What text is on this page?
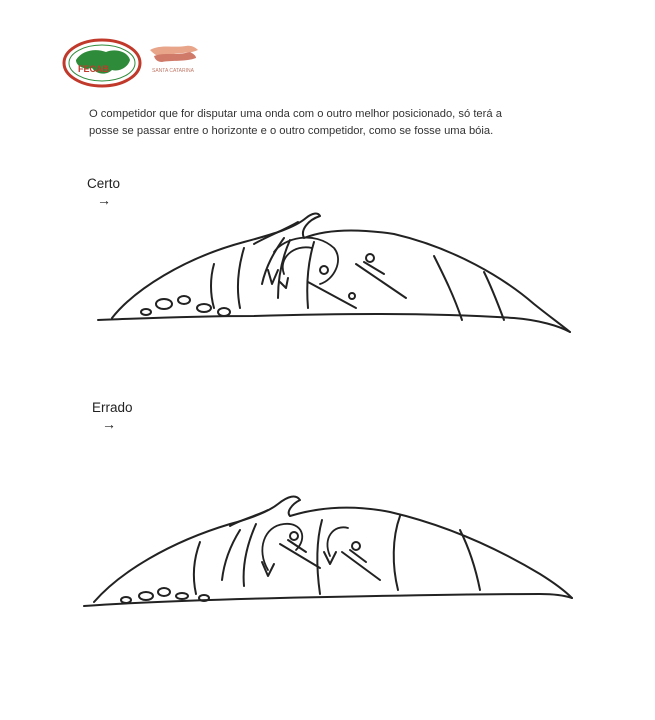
FECAB	SANTA CATARINA
O competidor que for disputar uma onda com o outro melhor posicionado, só terá a
posse se passar entre o horizonte e o outro competidor, como se fosse uma bóia.
Certo
→
Errado
→
